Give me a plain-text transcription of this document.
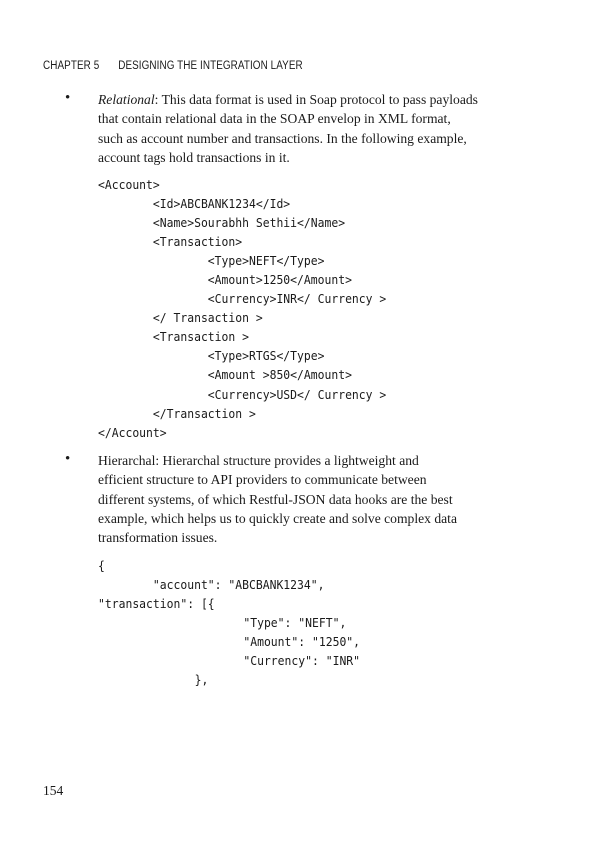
CHAPTER 5 DESIGNING THE INTEGRATION LAYER
• Relational: This data format is used in Soap protocol to pass payloads
that contain relational data in the SOAP envelop in XML format,
such as account number and transactions. In the following example,
account tags hold transactions in it.
<Account>
<Id>ABCBANK1234</Id>
<Name>Sourabhh Sethii</Name>
<Transaction>
<Type>NEFT</Type>
<Amount>1250</Amount>
<Currency>INR</ Currency >
</ Transaction >
<Transaction >
<Type>RTGS</Type>
<Amount >850</Amount>
<Currency>USD</ Currency >
</Transaction >
</Account>
• Hierarchal: Hierarchal structure provides a lightweight and
efficient structure to API providers to communicate between
different systems, of which Restful-JSON data hooks are the best
example, which helps us to quickly create and solve complex data
transformation issues.
{
"account": "ABCBANK1234",
"transaction": [{
"Type": "NEFT",
"Amount": "1250",
"Currency": "INR"
},
154
